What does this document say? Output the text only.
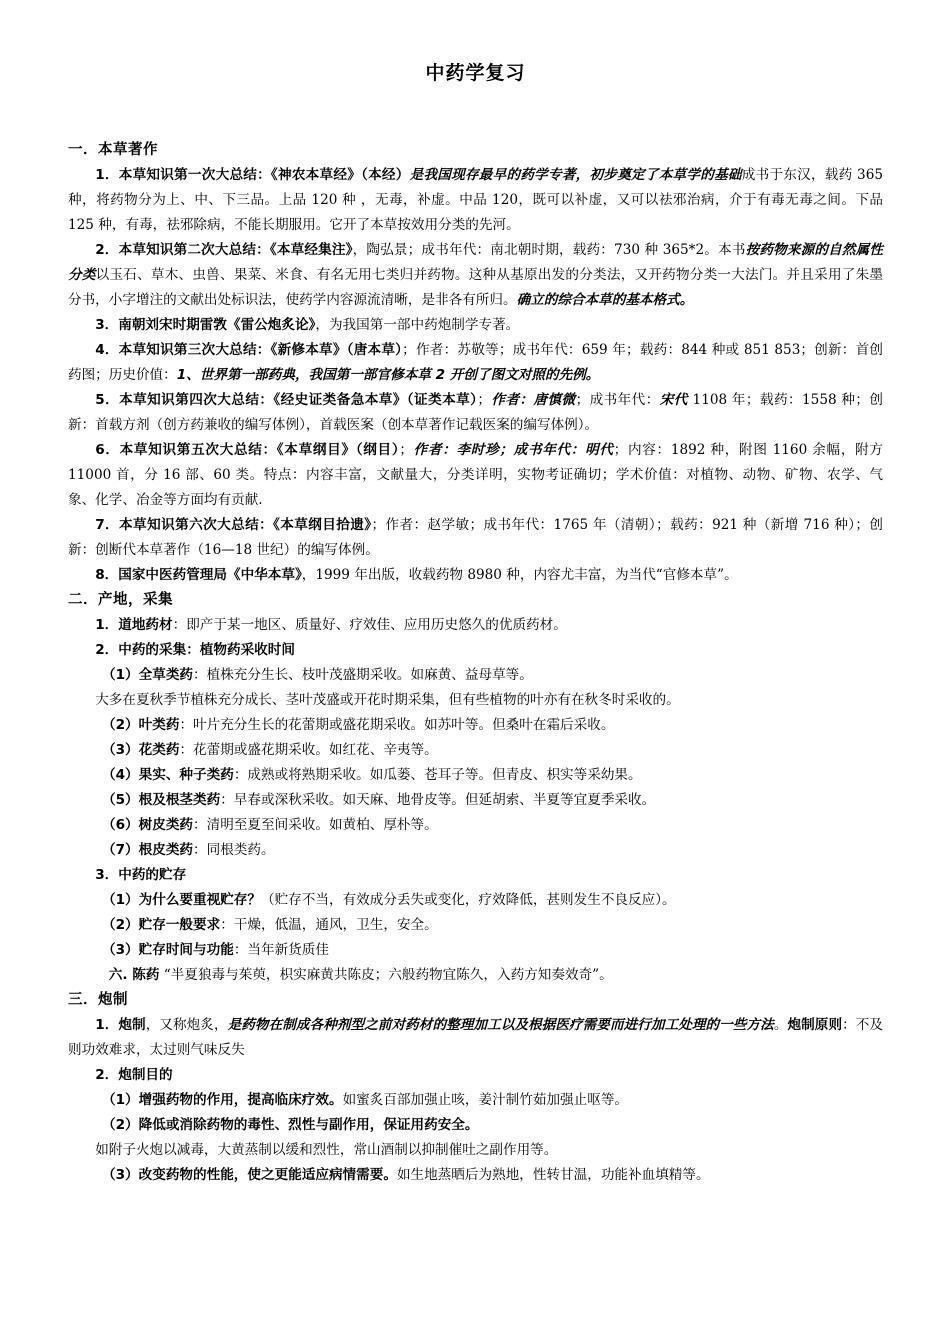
中药学复习

一．本草著作

1．本草知识第一次大总结：《神农本草经》（本经）是我国现存最早的药学专著，初步奠定了本草学的基础成书于东汉，载药 365 种，将药物分为上、中、下三品。上品 120 种 ，无毒，补虚。中品 120，既可以补虚，又可以祛邪治病，介于有毒无毒之间。下品 125 种，有毒，祛邪除病，不能长期服用。它开了本草按效用分类的先河。

2．本草知识第二次大总结：《本草经集注》，陶弘景；成书年代：南北朝时期，载药：730 种 365*2。本书按药物来源的自然属性分类以玉石、草木、虫兽、果菜、米食、有名无用七类归并药物。这种从基原出发的分类法，又开药物分类一大法门。并且采用了朱墨分书，小字增注的文献出处标识法，使药学内容源流清晰，是非各有所归。确立的综合本草的基本格式。

3．南朝刘宋时期雷敩《雷公炮炙论》，为我国第一部中药炮制学专著。

4．本草知识第三次大总结：《新修本草》（唐本草）；作者：苏敬等；成书年代：659 年；载药：844 种或 851 853；创新：首创药图；历史价值：1、世界第一部药典，我国第一部官修本草 2 开创了图文对照的先例。

5．本草知识第四次大总结：《经史证类备急本草》（证类本草）；作者：唐慎微；成书年代：宋代 1108 年；载药：1558 种；创新：首载方剂（创方药兼收的编写体例），首载医案（创本草著作记载医案的编写体例）。

6．本草知识第五次大总结：《本草纲目》（纲目）；作者：李时珍；成书年代：明代；内容：1892 种，附图 1160 余幅，附方 11000 首，分 16 部、60 类。特点：内容丰富，文献量大，分类详明，实物考证确切；学术价值：对植物、动物、矿物、农学、气象、化学、冶金等方面均有贡献.

7．本草知识第六次大总结：《本草纲目拾遗》；作者：赵学敏；成书年代：1765 年（清朝）；载药：921 种（新增 716 种）；创新：创断代本草著作（16—18 世纪）的编写体例。

8．国家中医药管理局《中华本草》，1999 年出版，收载药物 8980 种，内容尤丰富，为当代“官修本草”。

二．产地，采集

1．道地药材：即产于某一地区、质量好、疗效佳、应用历史悠久的优质药材。

2．中药的采集：植物药采收时间

（1）全草类药：植株充分生长、枝叶茂盛期采收。如麻黄、益母草等。

大多在夏秋季节植株充分成长、茎叶茂盛或开花时期采集，但有些植物的叶亦有在秋冬时采收的。

（2）叶类药：叶片充分生长的花蕾期或盛花期采收。如苏叶等。但桑叶在霜后采收。

（3）花类药：花蕾期或盛花期采收。如红花、辛夷等。

（4）果实、种子类药：成熟或将熟期采收。如瓜蒌、苍耳子等。但青皮、枳实等采幼果。

（5）根及根茎类药：早春或深秋采收。如天麻、地骨皮等。但延胡索、半夏等宜夏季采收。

（6）树皮类药：清明至夏至间采收。如黄柏、厚朴等。

（7）根皮类药：同根类药。

3．中药的贮存

（1）为什么要重视贮存？（贮存不当，有效成分丢失或变化，疗效降低，甚则发生不良反应）。

（2）贮存一般要求：干燥，低温，通风，卫生，安全。

（3）贮存时间与功能：当年新货质佳

六. 陈药 “半夏狼毒与茱萸，枳实麻黄共陈皮；六般药物宜陈久，入药方知奏效奇”。

三．炮制

1．炮制，又称炮炙，是药物在制成各种剂型之前对药材的整理加工以及根据医疗需要而进行加工处理的一些方法。炮制原则：不及则功效难求，太过则气味反失

2．炮制目的

（1）增强药物的作用，提高临床疗效。如蜜炙百部加强止咳，姜汁制竹茹加强止呕等。

（2）降低或消除药物的毒性、烈性与副作用，保证用药安全。

如附子火炮以减毒，大黄蒸制以缓和烈性，常山酒制以抑制催吐之副作用等。

（3）改变药物的性能，使之更能适应病情需要。如生地蒸晒后为熟地，性转甘温，功能补血填精等。
